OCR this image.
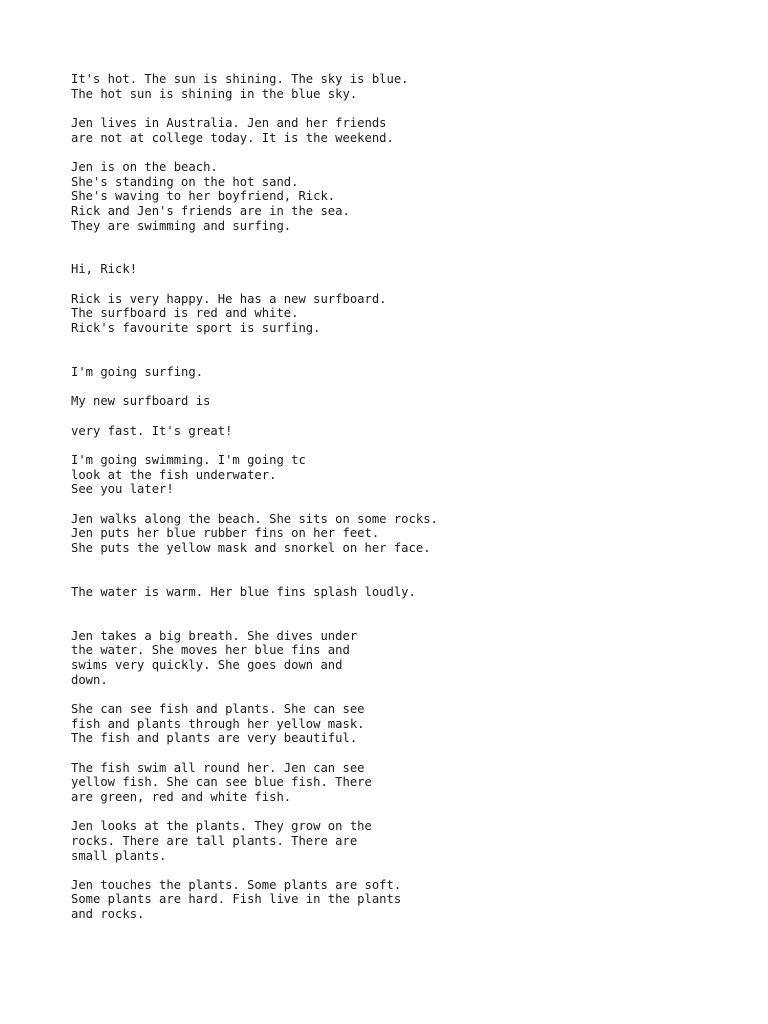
It's hot. The sun is shining. The sky is blue.
The hot sun is shining in the blue sky.

Jen lives in Australia. Jen and her friends
are not at college today. It is the weekend.

Jen is on the beach.
She's standing on the hot sand.
She's waving to her boyfriend, Rick.
Rick and Jen's friends are in the sea.
They are swimming and surfing.

Hi, Rick!

Rick is very happy. He has a new surfboard.
The surfboard is red and white.
Rick's favourite sport is surfing.

I'm going surfing.

My new surfboard is

very fast. It's great!

I'm going swimming. I'm going tc
look at the fish underwater.
See you later!

Jen walks along the beach. She sits on some rocks.
Jen puts her blue rubber fins on her feet.
She puts the yellow mask and snorkel on her face.

The water is warm. Her blue fins splash loudly.

Jen takes a big breath. She dives under
the water. She moves her blue fins and
swims very quickly. She goes down and
down.

She can see fish and plants. She can see
fish and plants through her yellow mask.
The fish and plants are very beautiful.

The fish swim all round her. Jen can see
yellow fish. She can see blue fish. There
are green, red and white fish.

Jen looks at the plants. They grow on the
rocks. There are tall plants. There are
small plants.

Jen touches the plants. Some plants are soft.
Some plants are hard. Fish live in the plants
and rocks.
